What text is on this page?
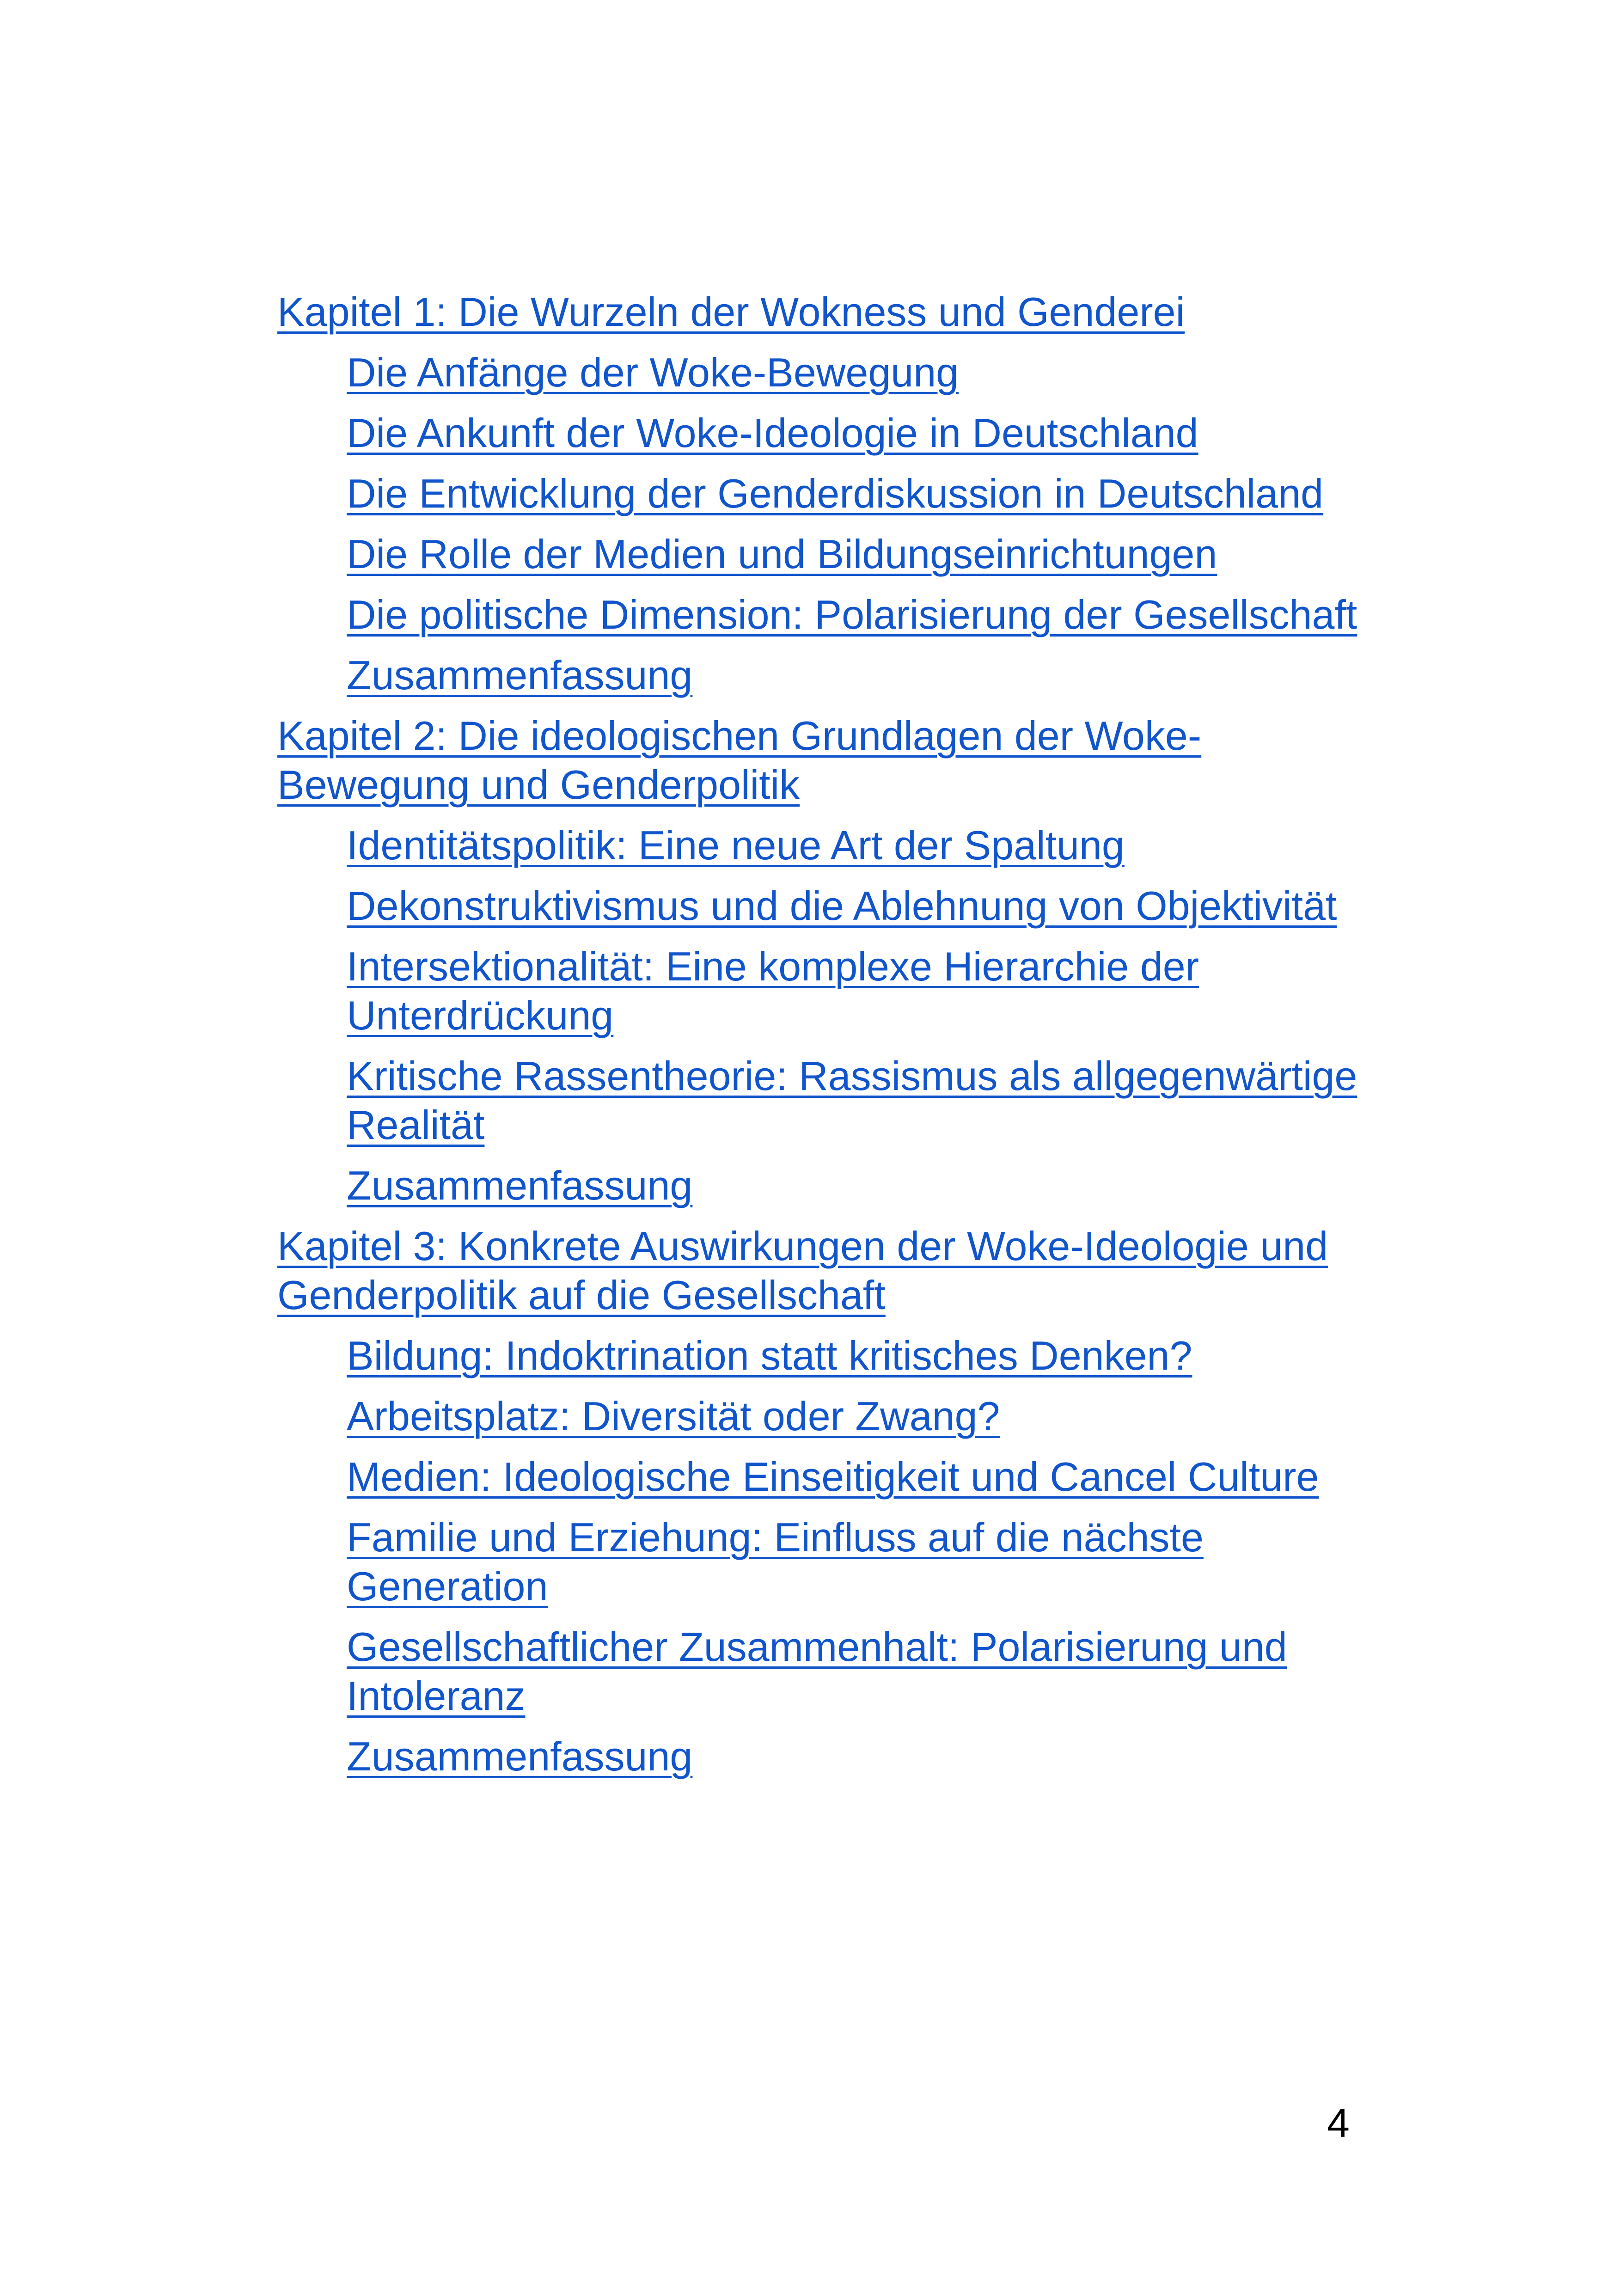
Kapitel 1: Die Wurzeln der Wokness und Genderei
Die Anfänge der Woke-Bewegung
Die Ankunft der Woke-Ideologie in Deutschland
Die Entwicklung der Genderdiskussion in Deutschland
Die Rolle der Medien und Bildungseinrichtungen
Die politische Dimension: Polarisierung der Gesellschaft
Zusammenfassung
Kapitel 2: Die ideologischen Grundlagen der Woke-Bewegung und Genderpolitik
Identitätspolitik: Eine neue Art der Spaltung
Dekonstruktivismus und die Ablehnung von Objektivität
Intersektionalität: Eine komplexe Hierarchie der Unterdrückung
Kritische Rassentheorie: Rassismus als allgegenwärtige Realität
Zusammenfassung
Kapitel 3: Konkrete Auswirkungen der Woke-Ideologie und Genderpolitik auf die Gesellschaft
Bildung: Indoktrination statt kritisches Denken?
Arbeitsplatz: Diversität oder Zwang?
Medien: Ideologische Einseitigkeit und Cancel Culture
Familie und Erziehung: Einfluss auf die nächste Generation
Gesellschaftlicher Zusammenhalt: Polarisierung und Intoleranz
Zusammenfassung
4
